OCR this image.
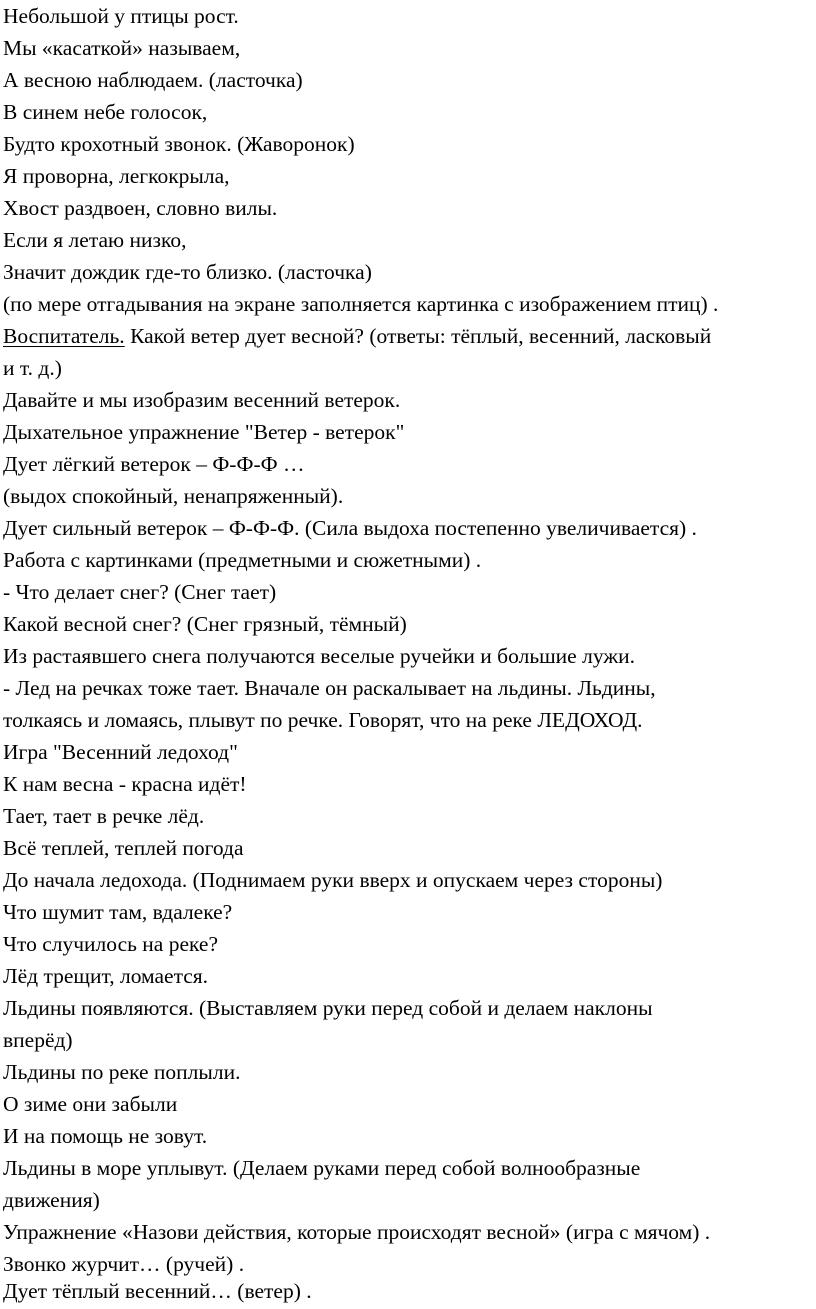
Небольшой у птицы рост.
Мы «касаткой» называем,
А весною наблюдаем. (ласточка)
В синем небе голосок,
Будто крохотный звонок. (Жаворонок)
Я проворна, легкокрыла,
Хвост раздвоен, словно вилы.
Если я летаю низко,
Значит дождик где-то близко. (ласточка)
(по мере отгадывания на экране заполняется картинка с изображением птиц) .
Воспитатель. Какой ветер дует весной? (ответы: тёплый, весенний, ласковый
и т. д.)
Давайте и мы изобразим весенний ветерок.
Дыхательное упражнение "Ветер - ветерок"
Дует лёгкий ветерок – Ф-Ф-Ф …
(выдох спокойный, ненапряженный).
Дует сильный ветерок – Ф-Ф-Ф. (Сила выдоха постепенно увеличивается) .
Работа с картинками (предметными и сюжетными) .
- Что делает снег? (Снег тает)
Какой весной снег? (Снег грязный, тёмный)
Из растаявшего снега получаются веселые ручейки и большие лужи.
- Лед на речках тоже тает. Вначале он раскалывает на льдины. Льдины,
толкаясь и ломаясь, плывут по речке. Говорят, что на реке ЛЕДОХОД.
Игра "Весенний ледоход"
К нам весна - красна идёт!
Тает, тает в речке лёд.
Всё теплей, теплей погода
До начала ледохода. (Поднимаем руки вверх и опускаем через стороны)
Что шумит там, вдалеке?
Что случилось на реке?
Лёд трещит, ломается.
Льдины появляются. (Выставляем руки перед собой и делаем наклоны
вперёд)
Льдины по реке поплыли.
О зиме они забыли
И на помощь не зовут.
Льдины в море уплывут. (Делаем руками перед собой волнообразные
движения)
Упражнение «Назови действия, которые происходят весной» (игра с мячом) .
Звонко журчит… (ручей) .
Дует тёплый весенний… (ветер) .
